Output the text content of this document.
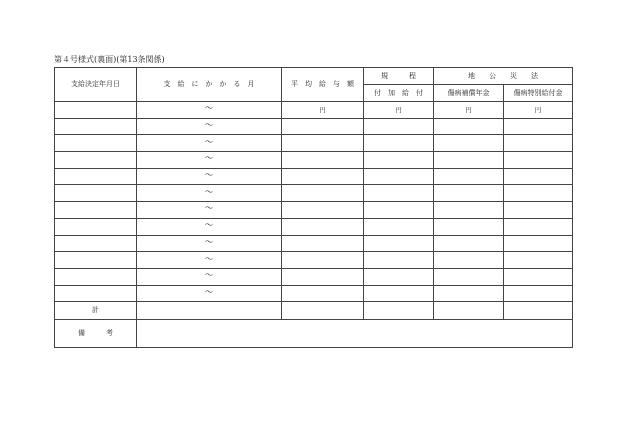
第４号様式(裏面)(第13条関係)
支給決定年月日	支　給　に　か　か　る　月	平　均　給　与　額	規　　　程	地　　公　　災　　法	
			付　加　給　付	傷病補償年金	傷病特別給付金
	～	円	円	円	円
	～				
	～				
	～				
	～				
	～				
	～				
	～				
	～				
	～				
	～				
	～				
計					
備　　　考					
